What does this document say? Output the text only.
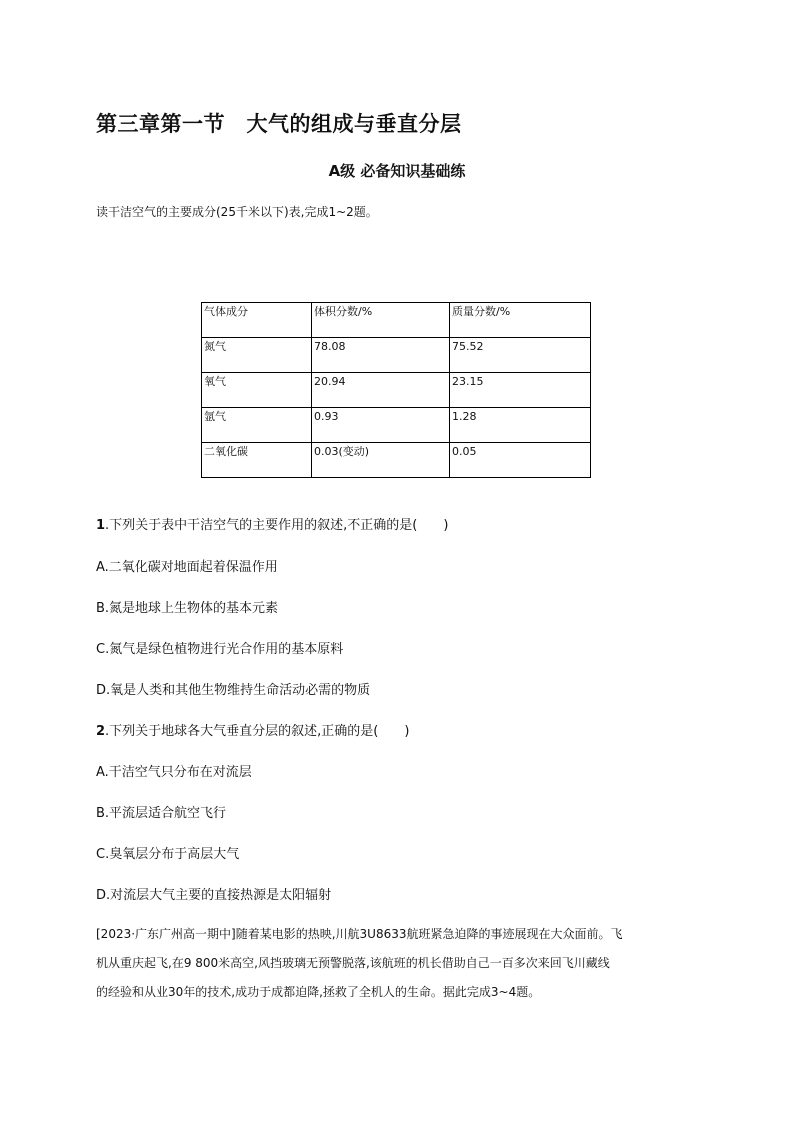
第三章第一节　大气的组成与垂直分层
A级 必备知识基础练
读干洁空气的主要成分(25千米以下)表,完成1~2题。
气体成分	体积分数/%	质量分数/%
氮气	78.08	75.52
氧气	20.94	23.15
氩气	0.93	1.28
二氧化碳	0.03(变动)	0.05
1.下列关于表中干洁空气的主要作用的叙述,不正确的是(　　)
A.二氧化碳对地面起着保温作用
B.氮是地球上生物体的基本元素
C.氮气是绿色植物进行光合作用的基本原料
D.氧是人类和其他生物维持生命活动必需的物质
2.下列关于地球各大气垂直分层的叙述,正确的是(　　)
A.干洁空气只分布在对流层
B.平流层适合航空飞行
C.臭氧层分布于高层大气
D.对流层大气主要的直接热源是太阳辐射
[2023·广东广州高一期中]随着某电影的热映,川航3U8633航班紧急迫降的事迹展现在大众面前。飞
机从重庆起飞,在9 800米高空,风挡玻璃无预警脱落,该航班的机长借助自己一百多次来回飞川藏线
的经验和从业30年的技术,成功于成都迫降,拯救了全机人的生命。据此完成3~4题。
